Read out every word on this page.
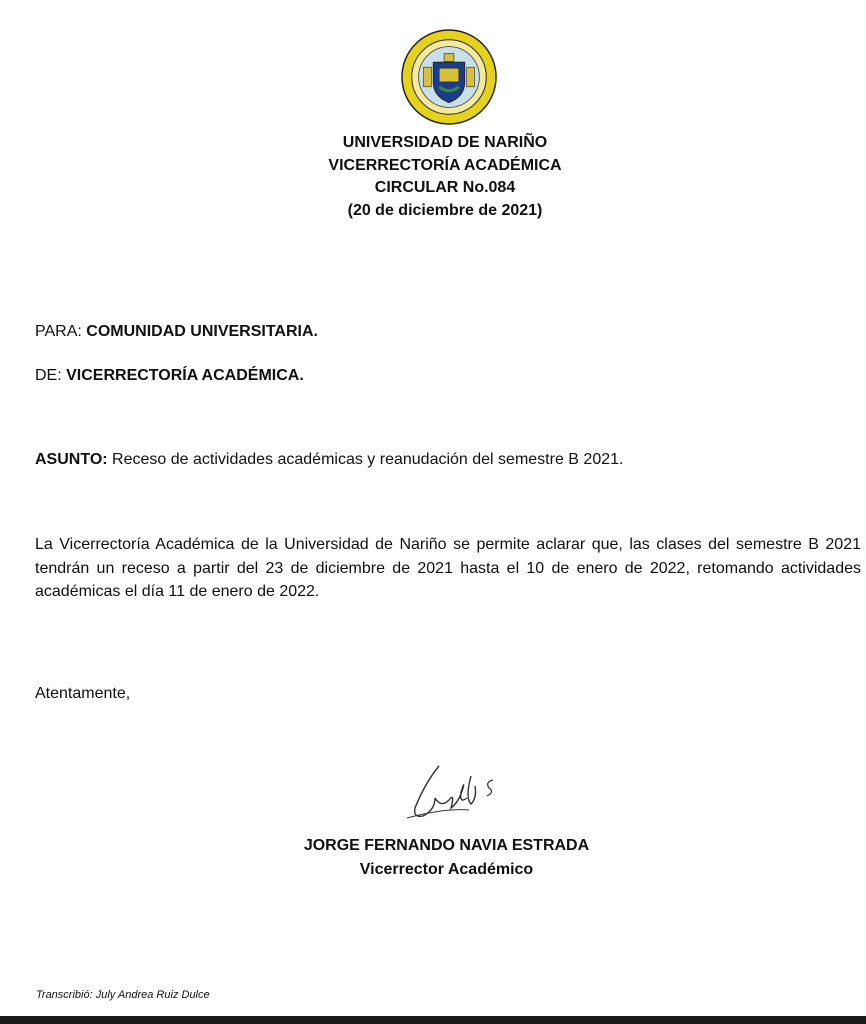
UNIVERSIDAD DE NARIÑO
VICERRECTORÍA ACADÉMICA
CIRCULAR No.084
(20 de diciembre de 2021)
PARA: COMUNIDAD UNIVERSITARIA.
DE: VICERRECTORÍA ACADÉMICA.
ASUNTO: Receso de actividades académicas y reanudación del semestre B 2021.
La Vicerrectoría Académica de la Universidad de Nariño se permite aclarar que, las clases del semestre B 2021 tendrán un receso a partir del 23 de diciembre de 2021 hasta el 10 de enero de 2022, retomando actividades académicas el día 11 de enero de 2022.
Atentamente,
JORGE FERNANDO NAVIA ESTRADA
Vicerrector Académico
Transcribió: July Andrea Ruiz Dulce
